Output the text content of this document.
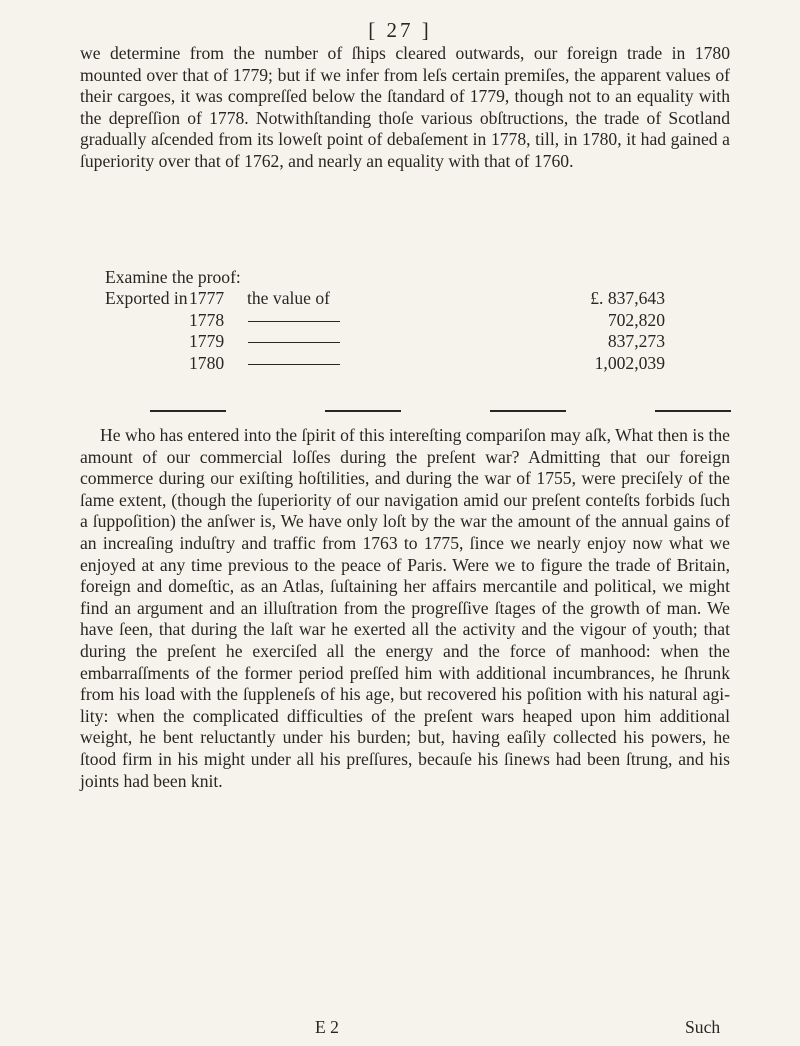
[ 27 ]
we determine from the number of ſhips cleared outwards, our foreign trade in 1780 mounted over that of 1779; but if we infer from leſs certain premiſes, the apparent values of their cargoes, it was compreſſed below the ſtandard of 1779, though not to an equality with the depreſſion of 1778. Notwithſtanding thoſe various obſtructions, the trade of Scotland gradually aſcended from its loweſt point of debaſement in 1778, till, in 1780, it had gained a ſuperiority over that of 1762, and nearly an equality with that of 1760.
Examine the proof:
Exported in 1777 the value of	£. 837,643
1778	702,820
1779	837,273
1780	1,002,039
He who has entered into the ſpirit of this intereſting compariſon may aſk, What then is the amount of our commercial loſſes during the preſent war? Admitting that our foreign commerce during our exiſting hoſtilities, and during the war of 1755, were preciſely of the ſame extent, (though the ſuperiority of our navigation amid our preſent conteſts forbids ſuch a ſuppoſition) the anſwer is, We have only loſt by the war the amount of the annual gains of an increaſing induſtry and traffic from 1763 to 1775, ſince we nearly enjoy now what we enjoyed at any time previous to the peace of Paris. Were we to figure the trade of Britain, foreign and domeſtic, as an Atlas, ſuſtaining her affairs mercantile and political, we might find an argument and an illuſtration from the progreſſive ſtages of the growth of man. We have ſeen, that during the laſt war he exerted all the activity and the vigour of youth; that during the preſent he exerciſed all the energy and the force of manhood: when the embarraſſments of the former period preſſed him with additional incumbrances, he ſhrunk from his load with the ſuppleneſs of his age, but recovered his poſition with his natural agility: when the complicated difficulties of the preſent wars heaped upon him additional weight, he bent reluctantly under his burden; but, having eaſily collected his powers, he ſtood firm in his might under all his preſſures, becauſe his ſinews had been ſtrung, and his joints had been knit.
E 2	Such
